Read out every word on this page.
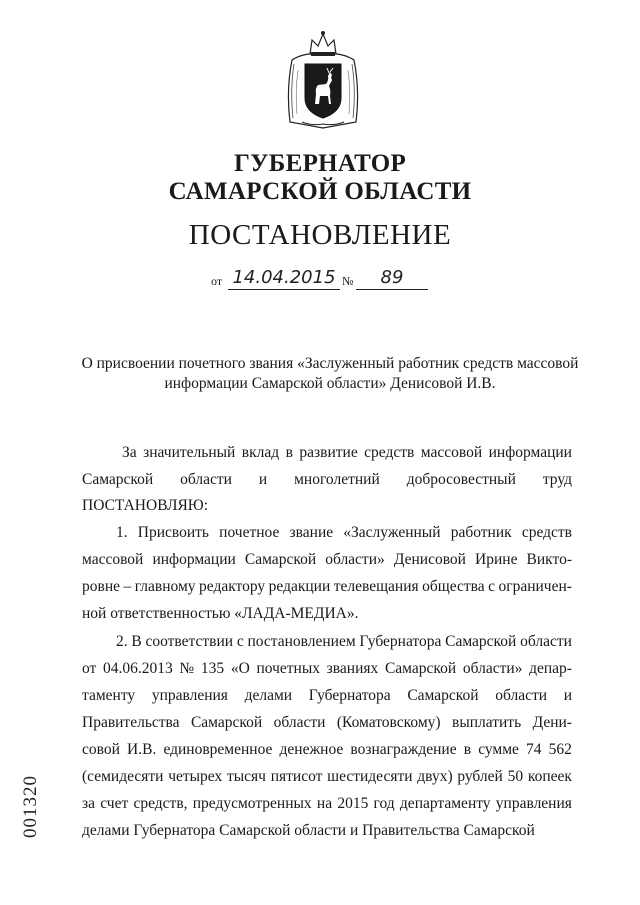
ГУБЕРНАТОР
САМАРСКОЙ ОБЛАСТИ
ПОСТАНОВЛЕНИЕ
от 14.04.2015 №	89
О присвоении почетного звания «Заслуженный работник средств массовой
информации Самарской области» Денисовой И.В.
За значительный вклад в развитие средств массовой информации
Самарской области и многолетний добросовестный труд
ПОСТАНОВЛЯЮ:
1. Присвоить почетное звание «Заслуженный работник средств
массовой информации Самарской области» Денисовой Ирине Викто-
ровне – главному редактору редакции телевещания общества с ограничен-
ной ответственностью «ЛАДА-МЕДИА».
2. В соответствии с постановлением Губернатора Самарской области
от 04.06.2013 № 135 «О почетных званиях Самарской области» депар-
таменту управления делами Губернатора Самарской области и
Правительства Самарской области (Коматовскому) выплатить Дени-
совой И.В. единовременное денежное вознаграждение в сумме 74 562
(семидесяти четырех тысяч пятисот шестидесяти двух) рублей 50 копеек
за счет средств, предусмотренных на 2015 год департаменту управления
делами Губернатора Самарской области и Правительства Самарской
001320
